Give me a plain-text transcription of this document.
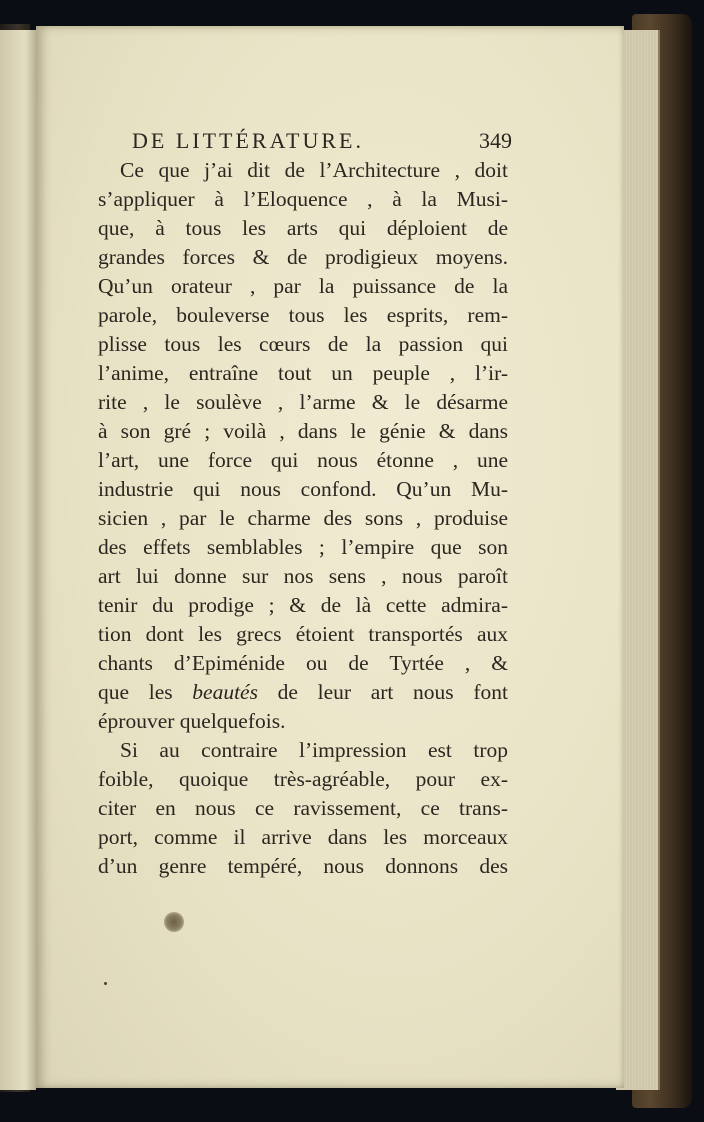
DE LITTÉRATURE.	349
Ce que j’ai dit de l’Architecture , doit
s’appliquer à l’Eloquence , à la Musi-
que, à tous les arts qui déploient de
grandes forces & de prodigieux moyens.
Qu’un orateur , par la puissance de la
parole, bouleverse tous les esprits, rem-
plisse tous les cœurs de la passion qui
l’anime, entraîne tout un peuple , l’ir-
rite , le soulève , l’arme & le désarme
à son gré ; voilà , dans le génie & dans
l’art, une force qui nous étonne , une
industrie qui nous confond. Qu’un Mu-
sicien , par le charme des sons , produise
des effets semblables ; l’empire que son
art lui donne sur nos sens , nous paroît
tenir du prodige ; & de là cette admira-
tion dont les grecs étoient transportés aux
chants d’Epiménide ou de Tyrtée , &
que les beautés de leur art nous font
éprouver quelquefois.
Si au contraire l’impression est trop
foible, quoique très-agréable, pour ex-
citer en nous ce ravissement, ce trans-
port, comme il arrive dans les morceaux
d’un genre tempéré, nous donnons des
